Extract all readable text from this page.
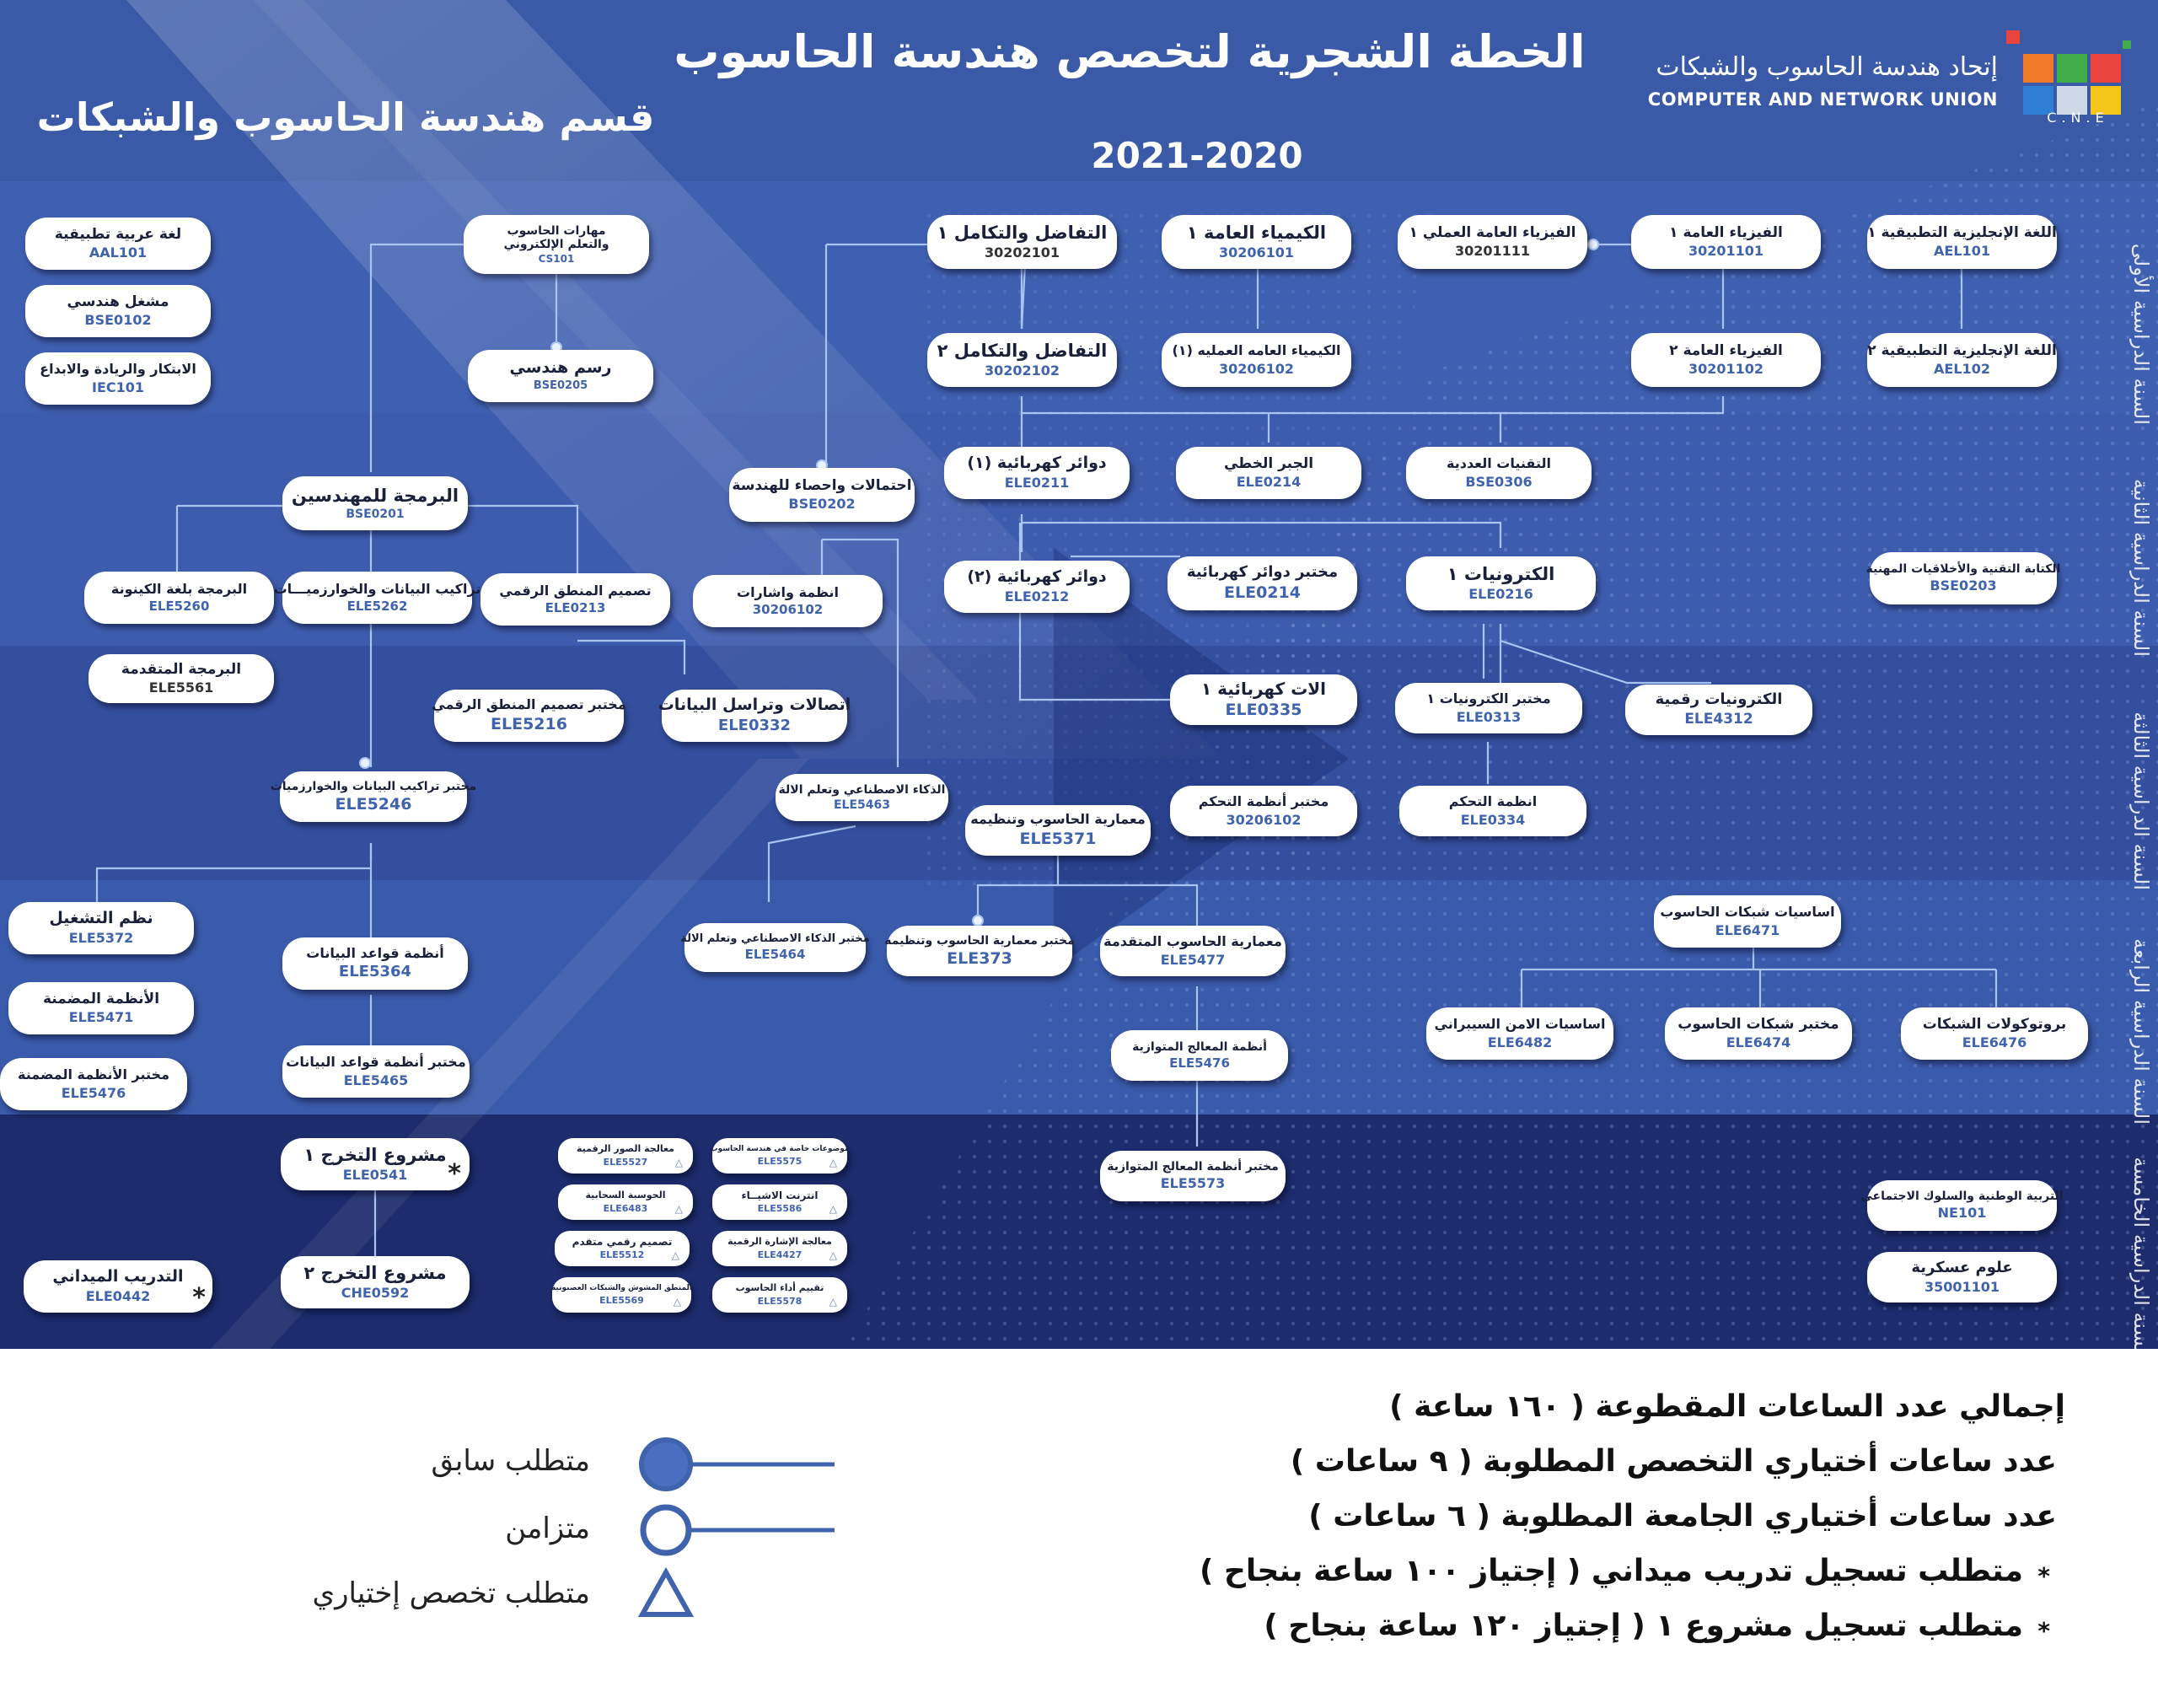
الخطة الشجرية لتخصص هندسة الحاسوب
قسم هندسة الحاسوب والشبكات
2021-2020
إتحاد هندسة الحاسوب والشبكات
COMPUTER AND NETWORK UNION
C.N.E
السنة الدراسية الأولى
السنة الدراسية الثانية
السنة الدراسية الثالثة
السنة الدراسية الرابعة
السنة الدراسية الخامسة
لغة عربية تطبيقية
AAL101
مشغل هندسي
BSE0102
الابتكار والريادة والابداع
IEC101
مهارات الحاسوب والتعلم الإلكتروني
CS101
رسم هندسي
BSE0205
التفاضل والتكامل ١
30202101
الكيمياء العامة ١
30206101
الفيزياء العامة العملي ١
30201111
الفيزياء العامة ١
30201101
اللغة الإنجليزية التطبيقية ١
AEL101
التفاضل والتكامل ٢
30202102
الكيمياء العامه العمليه (١)
30206102
الفيزياء العامة ٢
30201102
اللغة الإنجليزية التطبيقية ٢
AEL102
البرمجة للمهندسين
BSE0201
احتمالات واحصاء للهندسة
BSE0202
دوائر كهربائية (١)
ELE0211
الجبر الخطي
ELE0214
التقنيات العددية
BSE0306
البرمجة بلغة الكينونة
ELE5260
تراكيب البيانات والخوارزميـــات
ELE5262
تصميم المنطق الرقمي
ELE0213
انظمة واشارات
30206102
دوائر كهربائية (٢)
ELE0212
مختبر دوائر كهربائية
ELE0214
الكترونيات ١
ELE0216
الكتابة التقنية والأخلاقيات المهنية
BSE0203
البرمجة المتقدمة
ELE5561
مختبر تصميم المنطق الرقمي
ELE5216
اتصالات وتراسل البيانات
ELE0332
الات كهربائية ١
ELE0335
مختبر الكترونيات ١
ELE0313
الكترونيات رقمية
ELE4312
مختبر تراكيب البيانات والخوارزميات
ELE5246
الذكاء الاصطناعي وتعلم الالة
ELE5463
معمارية الحاسوب وتنظيمه
ELE5371
مختبر أنظمة التحكم
30206102
انظمة التحكم
ELE0334
نظم التشغيل
ELE5372
أنظمة قواعد البيانات
ELE5364
مختبر الذكاء الاصطناعي وتعلم الالة
ELE5464
مختبر معمارية الحاسوب وتنظيمه
ELE373
معمارية الحاسوب المتقدمة
ELE5477
اساسيات شبكات الحاسوب
ELE6471
الأنظمة المضمنة
ELE5471
مختبر الأنظمة المضمنة
ELE5476
مختبر أنظمة قواعد البيانات
ELE5465
أنظمة المعالج المتوازية
ELE5476
اساسيات الامن السيبراني
ELE6482
مختبر شبكات الحاسوب
ELE6474
بروتوكولات الشبكات
ELE6476
مشروع التخرج ١
ELE0541 *
مشروع التخرج ٢
CHE0592
التدريب الميداني
ELE0442 *
مختبر أنظمة المعالج المتوازية
ELE5573
التربية الوطنية والسلوك الاجتماعي
NE101
علوم عسكرية
35001101
معالجة الصور الرقمية
ELE5527	△
الحوسبة السحابية
ELE6483	△
تصميم رقمي متقدم
ELE5512	△
المنطق المشوش والشبكات العصبونية
ELE5569	△
موضوعات خاصة في هندسة الحاسوب
ELE5575	△
انترنت الاشيــاء
ELE5586	△
معالجة الإشارة الرقمية
ELE4427	△
تقييم أداء الحاسوب
ELE5578	△
متطلب سابق
متزامن
متطلب تخصص إختياري
إجمالي عدد الساعات المقطوعة ( ١٦٠ ساعة )
عدد ساعات أختياري التخصص المطلوبة ( ٩ ساعات )
عدد ساعات أختياري الجامعة المطلوبة ( ٦ ساعات )
متطلب تسجيل تدريب ميداني ( إجتياز ١٠٠ ساعة بنجاح )
متطلب تسجيل مشروع ١ ( إجتياز ١٢٠ ساعة بنجاح )
*
*
